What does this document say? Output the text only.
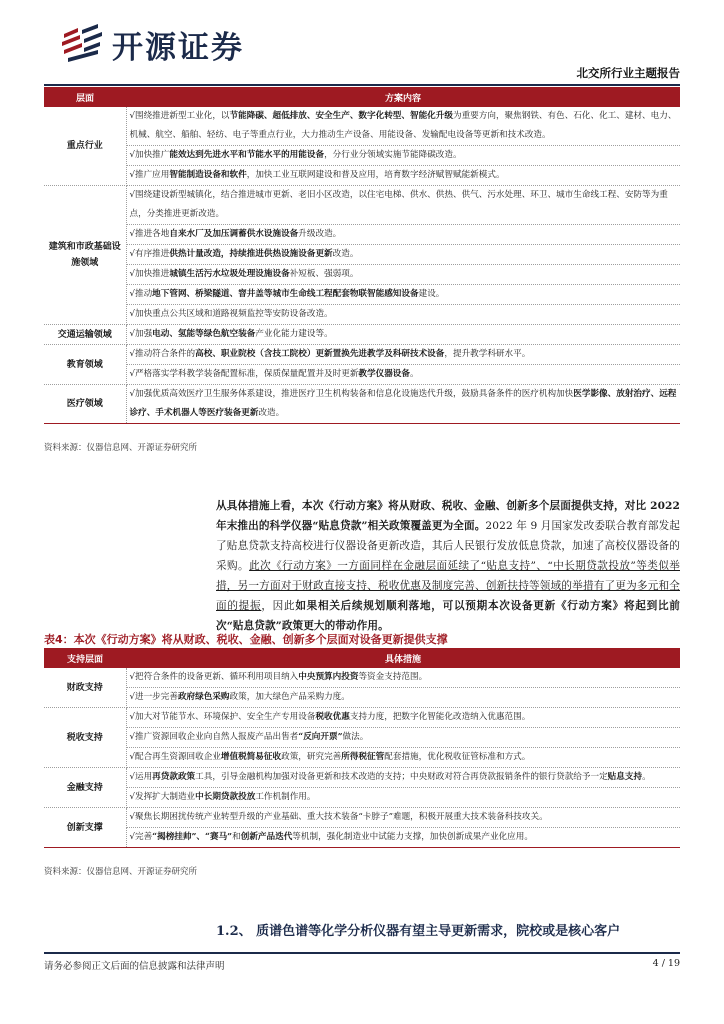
开源证券
北交所行业主题报告
层面	方案内容
重点行业	√围绕推进新型工业化，以节能降碳、超低排放、安全生产、数字化转型、智能化升级为重要方向，聚焦钢铁、有色、石化、化工、建材、电力、机械、航空、船舶、轻纺、电子等重点行业，大力推动生产设备、用能设备、发输配电设备等更新和技术改造。
	√加快推广能效达到先进水平和节能水平的用能设备，分行业分领域实施节能降碳改造。
	√推广应用智能制造设备和软件，加快工业互联网建设和普及应用，培育数字经济赋智赋能新模式。
建筑和市政基础设施领域	√围绕建设新型城镇化，结合推进城市更新、老旧小区改造，以住宅电梯、供水、供热、供气、污水处理、环卫、城市生命线工程、安防等为重点，分类推进更新改造。
	√推进各地自来水厂及加压调蓄供水设施设备升级改造。
	√有序推进供热计量改造，持续推进供热设施设备更新改造。
	√加快推进城镇生活污水垃圾处理设施设备补短板、强弱项。
	√推动地下管网、桥梁隧道、窨井盖等城市生命线工程配套物联智能感知设备建设。
	√加快重点公共区域和道路视频监控等安防设备改造。
交通运输领域	√加强电动、氢能等绿色航空装备产业化能力建设等。
教育领域	√推动符合条件的高校、职业院校（含技工院校）更新置换先进教学及科研技术设备，提升教学科研水平。
	√严格落实学科教学装备配置标准，保质保量配置并及时更新教学仪器设备。
医疗领域	√加强优质高效医疗卫生服务体系建设，推进医疗卫生机构装备和信息化设施迭代升级，鼓励具备条件的医疗机构加快医学影像、放射治疗、远程诊疗、手术机器人等医疗装备更新改造。
资料来源：仪器信息网、开源证券研究所
从具体措施上看，本次《行动方案》将从财政、税收、金融、创新多个层面提供支持，对比 2022 年末推出的科学仪器“贴息贷款”相关政策覆盖更为全面。2022 年 9 月国家发改委联合教育部发起了贴息贷款支持高校进行仪器设备更新改造，其后人民银行发放低息贷款，加速了高校仪器设备的采购。此次《行动方案》一方面同样在金融层面延续了“贴息支持”、“中长期贷款投放”等类似举措，另一方面对于财政直接支持、税收优惠及制度完善、创新扶持等领域的举措有了更为多元和全面的提振，因此如果相关后续规划顺利落地，可以预期本次设备更新《行动方案》将起到比前次“贴息贷款”政策更大的带动作用。
表4：本次《行动方案》将从财政、税收、金融、创新多个层面对设备更新提供支撑
支持层面	具体措施
财政支持	√把符合条件的设备更新、循环利用项目纳入中央预算内投资等资金支持范围。
	√进一步完善政府绿色采购政策，加大绿色产品采购力度。
税收支持	√加大对节能节水、环境保护、安全生产专用设备税收优惠支持力度，把数字化智能化改造纳入优惠范围。
	√推广资源回收企业向自然人报废产品出售者“反向开票”做法。
	√配合再生资源回收企业增值税简易征收政策，研究完善所得税征管配套措施，优化税收征管标准和方式。
金融支持	√运用再贷款政策工具，引导金融机构加强对设备更新和技术改造的支持；中央财政对符合再贷款报销条件的银行贷款给予一定贴息支持。
	√发挥扩大制造业中长期贷款投放工作机制作用。
创新支撑	√聚焦长期困扰传统产业转型升级的产业基础、重大技术装备“卡脖子”难题，积极开展重大技术装备科技攻关。
	√完善“揭榜挂帅”、“赛马”和创新产品迭代等机制，强化制造业中试能力支撑，加快创新成果产业化应用。
资料来源：仪器信息网、开源证券研究所
1.2、 质谱色谱等化学分析仪器有望主导更新需求，院校或是核心客户
请务必参阅正文后面的信息披露和法律声明	4 / 19
